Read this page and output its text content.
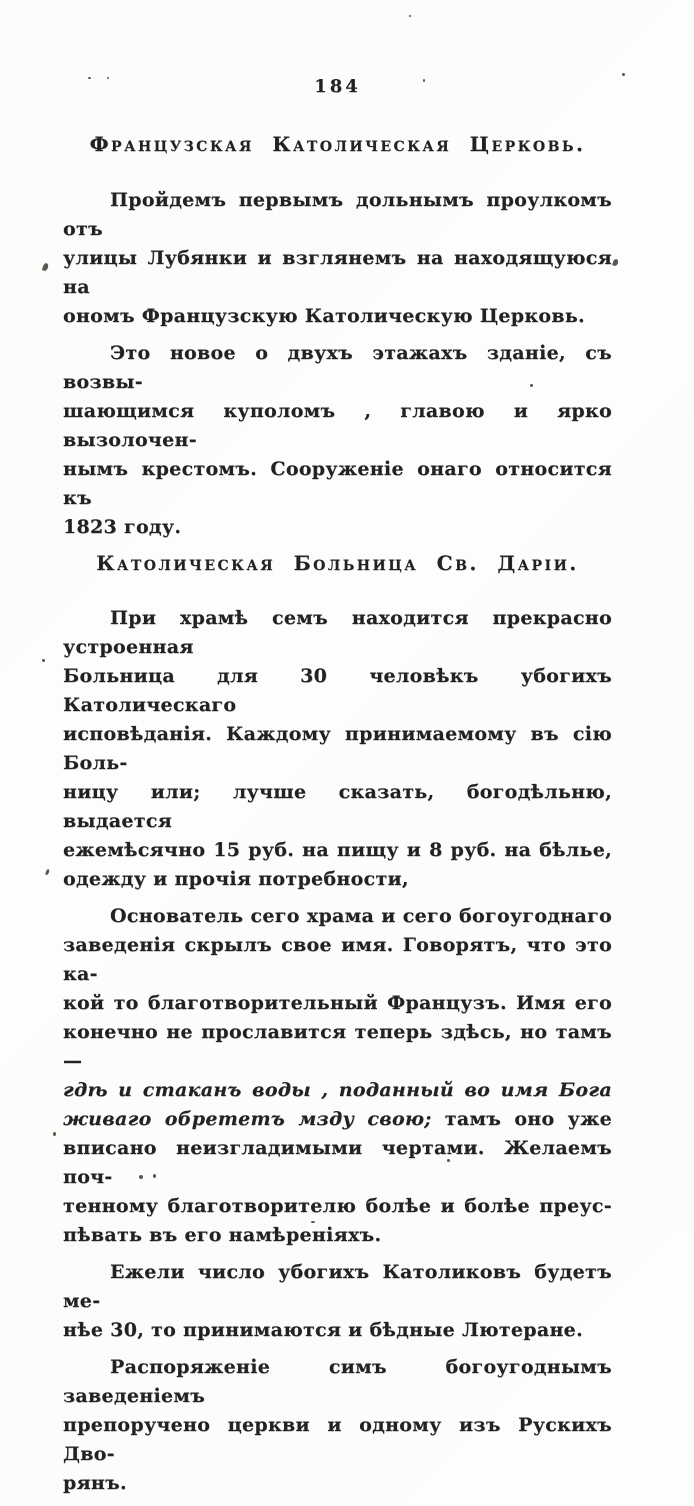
184
Французская Католическая Церковь.
Пройдемъ первымъ дольнымъ проулкомъ отъ
улицы Лубянки и взглянемъ на находящуюся на
ономъ Французскую Католическую Церковь.
Это новое о двухъ этажахъ зданіе, съ возвы-
шающимся куполомъ , главою и ярко вызолочен-
нымъ крестомъ. Сооруженіе онаго относится къ
1823 году.
Католическая Больница Св. Даріи.
При храмѣ семъ находится прекрасно устроенная
Больница для 30 человѣкъ убогихъ Католическаго
исповѣданія. Каждому принимаемому въ сію Боль-
ницу или; лучше сказать, богодѣльню, выдается
ежемѣсячно 15 руб. на пищу и 8 руб. на бѣлье,
одежду и прочія потребности,
Основатель сего храма и сего богоугоднаго
заведенія скрылъ свое имя. Говорятъ, что это ка-
кой то благотворительный Французъ. Имя его
конечно не прославится теперь здѣсь, но тамъ—
гдѣ и стаканъ воды , поданный во имя Бога
живаго обрететъ мзду свою; тамъ оно уже
вписано неизгладимыми чертами. Желаемъ поч-
тенному благотворителю болѣе и болѣе преус-
пѣвать въ его намѣреніяхъ.
Ежели число убогихъ Католиковъ будетъ ме-
нѣе 30, то принимаются и бѣдные Лютеране.
Распоряженіе симъ богоугоднымъ заведеніемъ
препоручено церкви и одному изъ Рускихъ Дво-
рянъ.
